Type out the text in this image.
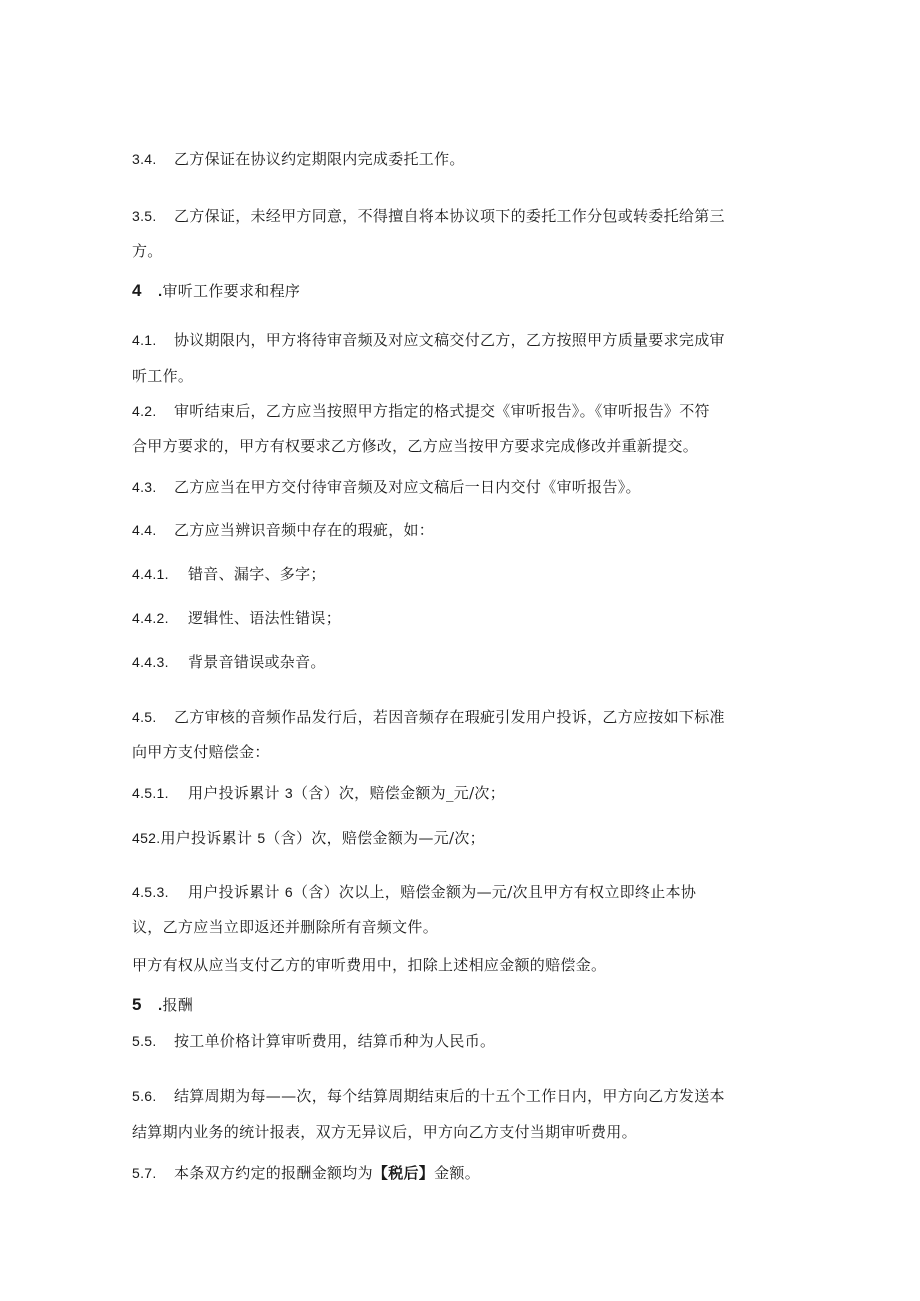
3.4. 乙方保证在协议约定期限内完成委托工作。
3.5. 乙方保证，未经甲方同意，不得擅自将本协议项下的委托工作分包或转委托给第三
方。
4 .审听工作要求和程序
4.1. 协议期限内，甲方将待审音频及对应文稿交付乙方，乙方按照甲方质量要求完成审
听工作。
4.2. 审听结束后，乙方应当按照甲方指定的格式提交《审听报告》。《审听报告》不符
合甲方要求的，甲方有权要求乙方修改，乙方应当按甲方要求完成修改并重新提交。
4.3. 乙方应当在甲方交付待审音频及对应文稿后一日内交付《审听报告》。
4.4. 乙方应当辨识音频中存在的瑕疵，如：
4.4.1. 错音、漏字、多字；
4.4.2. 逻辑性、语法性错误；
4.4.3. 背景音错误或杂音。
4.5. 乙方审核的音频作品发行后，若因音频存在瑕疵引发用户投诉，乙方应按如下标准
向甲方支付赔偿金：
4.5.1. 用户投诉累计 3（含）次，赔偿金额为_元/次；
452.用户投诉累计 5（含）次，赔偿金额为—元/次；
4.5.3. 用户投诉累计 6（含）次以上，赔偿金额为—元/次且甲方有权立即终止本协
议，乙方应当立即返还并删除所有音频文件。
甲方有权从应当支付乙方的审听费用中，扣除上述相应金额的赔偿金。
5 .报酬
5.5. 按工单价格计算审听费用，结算币种为人民币。
5.6. 结算周期为每——次，每个结算周期结束后的十五个工作日内，甲方向乙方发送本
结算期内业务的统计报表，双方无异议后，甲方向乙方支付当期审听费用。
5.7. 本条双方约定的报酬金额均为【税后】金额。
